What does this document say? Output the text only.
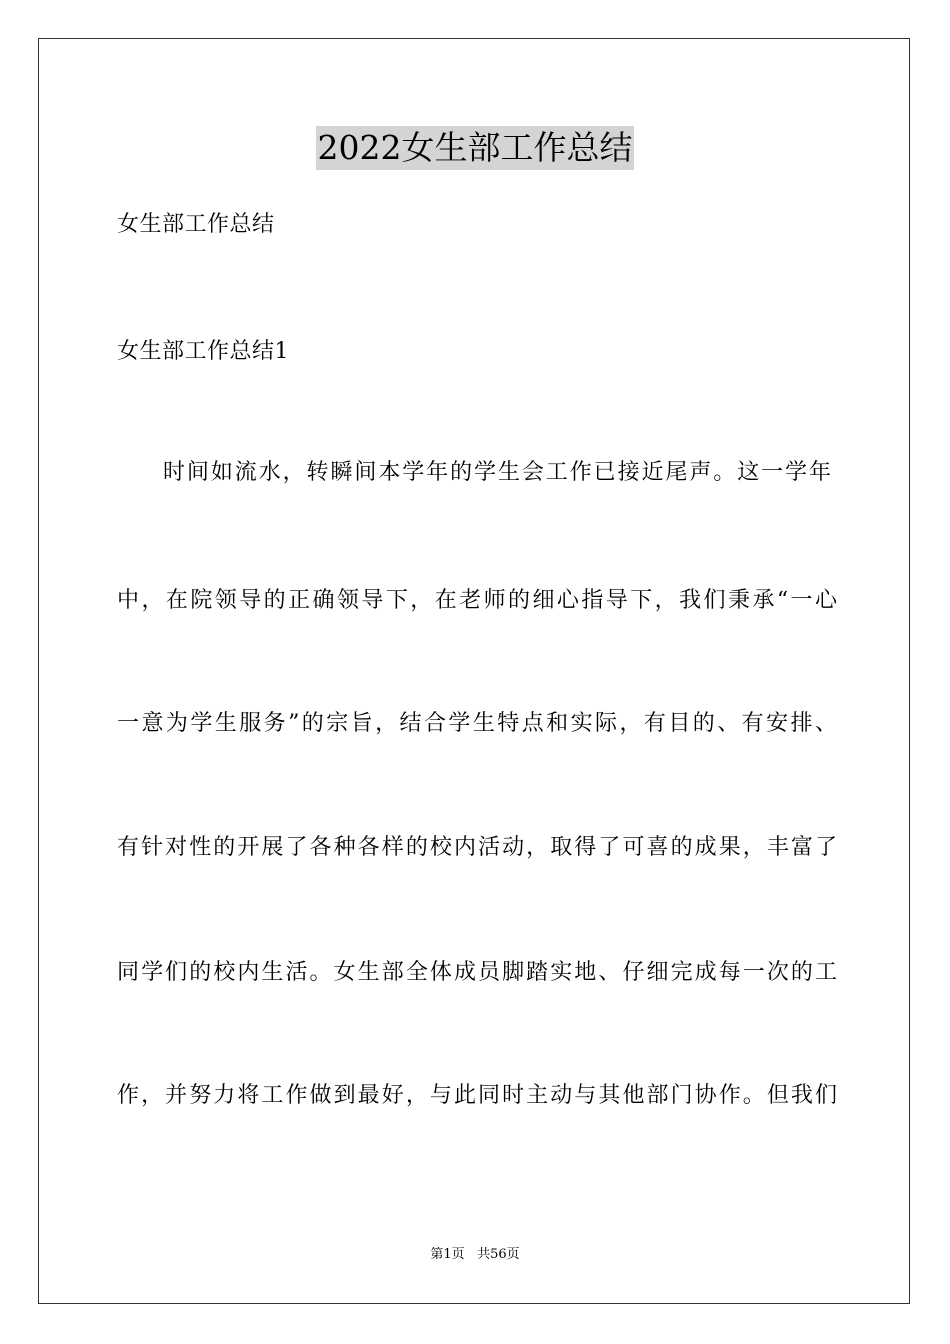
2022女生部工作总结
女生部工作总结
女生部工作总结1
时间如流水，转瞬间本学年的学生会工作已接近尾声。这一学年
中，在院领导的正确领导下，在老师的细心指导下，我们秉承“一心
一意为学生服务”的宗旨，结合学生特点和实际，有目的、有安排、
有针对性的开展了各种各样的校内活动，取得了可喜的成果，丰富了
同学们的校内生活。女生部全体成员脚踏实地、仔细完成每一次的工
作，并努力将工作做到最好，与此同时主动与其他部门协作。但我们
第1页 共56页
